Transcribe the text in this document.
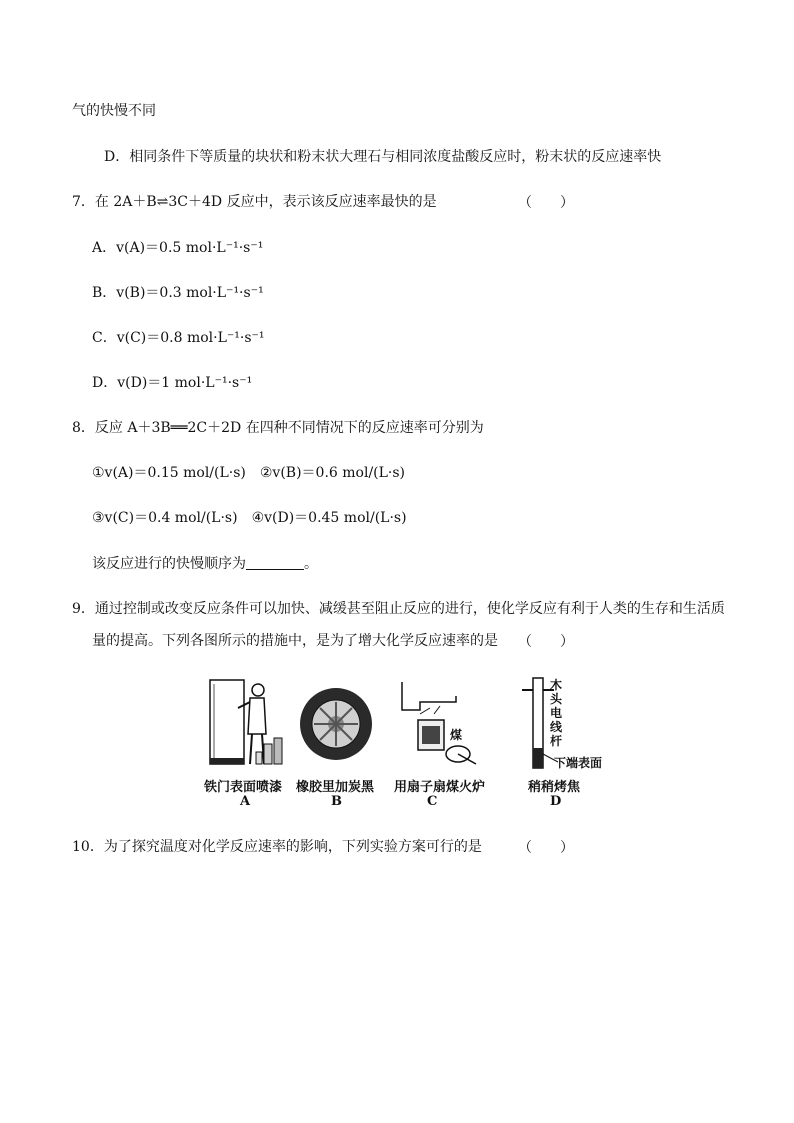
气的快慢不同
D．相同条件下等质量的块状和粉末状大理石与相同浓度盐酸反应时，粉末状的反应速率快
7．在 2A＋B⇌3C＋4D 反应中，表示该反应速率最快的是	（　　）
A．v(A)＝0.5 mol·L⁻¹·s⁻¹
B．v(B)＝0.3 mol·L⁻¹·s⁻¹
C．v(C)＝0.8 mol·L⁻¹·s⁻¹
D．v(D)＝1 mol·L⁻¹·s⁻¹
8．反应 A＋3B══2C＋2D 在四种不同情况下的反应速率可分别为
①v(A)＝0.15 mol/(L·s)　②v(B)＝0.6 mol/(L·s)
③v(C)＝0.4 mol/(L·s)　④v(D)＝0.45 mol/(L·s)
该反应进行的快慢顺序为	。
9．通过控制或改变反应条件可以加快、减缓甚至阻止反应的进行，使化学反应有利于人类的生存和生活质
量的提高。下列各图所示的措施中，是为了增大化学反应速率的是 （　　）
煤
木头电线杆
下端表面
铁门表面喷漆 橡胶里加炭黑 用扇子扇煤火炉	稍稍烤焦
A	B	C	D
10．为了探究温度对化学反应速率的影响，下列实验方案可行的是	（　　）
